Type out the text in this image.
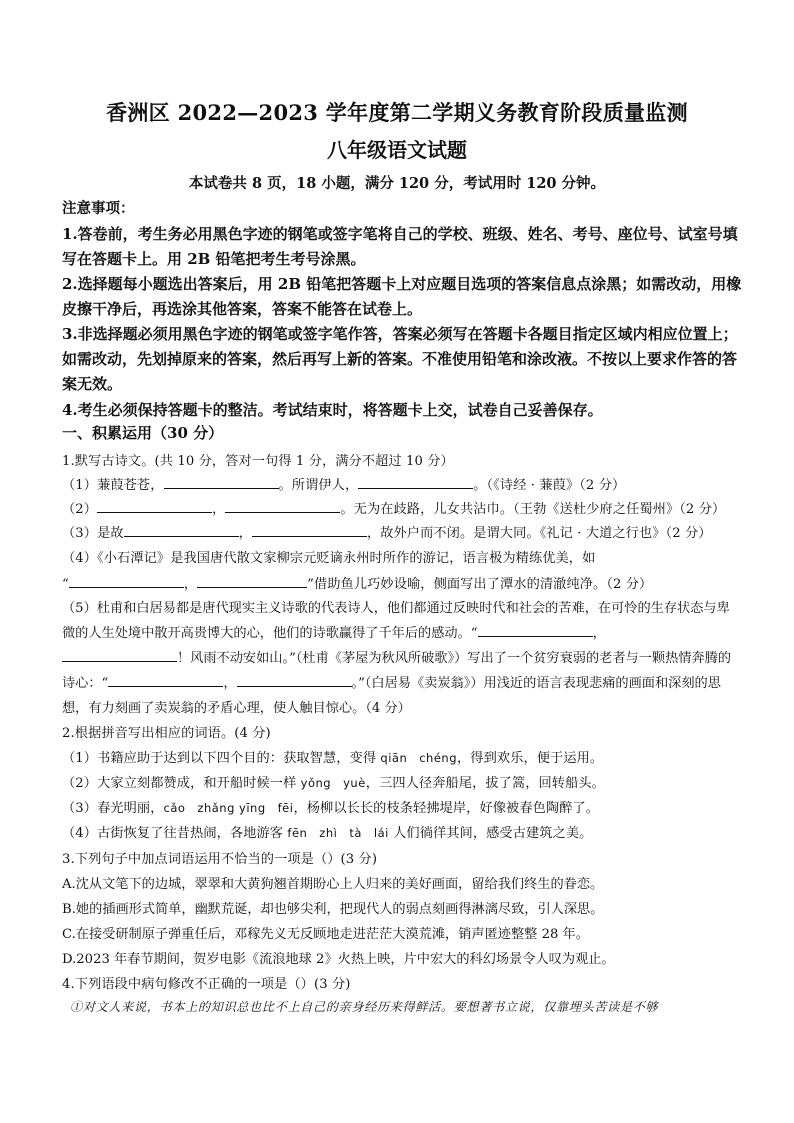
香洲区 2022—2023 学年度第二学期义务教育阶段质量监测
八年级语文试题
本试卷共 8 页，18 小题，满分 120 分，考试用时 120 分钟。
注意事项：
1.答卷前，考生务必用黑色字迹的钢笔或签字笔将自己的学校、班级、姓名、考号、座位号、试室号填写在答题卡上。用 2B 铅笔把考生考号涂黑。
2.选择题每小题选出答案后，用 2B 铅笔把答题卡上对应题目选项的答案信息点涂黑；如需改动，用橡皮擦干净后，再选涂其他答案，答案不能答在试卷上。
3.非选择题必须用黑色字迹的钢笔或签字笔作答，答案必须写在答题卡各题目指定区域内相应位置上；如需改动，先划掉原来的答案，然后再写上新的答案。不准使用铅笔和涂改液。不按以上要求作答的答案无效。
4.考生必须保持答题卡的整洁。考试结束时，将答题卡上交，试卷自己妥善保存。
一、积累运用（30 分）
1.默写古诗文。(共 10 分，答对一句得 1 分，满分不超过 10 分）
（1）蒹葭苍苍，	。所谓伊人，	。（《诗经 · 蒹葭》（2 分）
（2）	，	。无为在歧路，儿女共沾巾。（王勃《送杜少府之任蜀州》（2 分）
（3）是故	，	，故外户而不闭。是谓大同。《礼记 · 大道之行也》（2 分）
（4）《小石潭记》是我国唐代散文家柳宗元贬谪永州时所作的游记，语言极为精练优美，如
“	，	”借助鱼儿巧妙设喻，侧面写出了潭水的清澈纯净。（2 分）
（5）杜甫和白居易都是唐代现实主义诗歌的代表诗人，他们都通过反映时代和社会的苦难，在可怜的生存状态与卑微的人生处境中散开高贵博大的心，他们的诗歌赢得了千年后的感动。“	，
！风雨不动安如山。”（杜甫《茅屋为秋风所破歌》）写出了一个贫穷衰弱的老者与一颗热情奔腾的诗心：“	，	。”（白居易《卖炭翁》）用浅近的语言表现悲痛的画面和深刻的思想，有力刻画了卖炭翁的矛盾心理，使人触目惊心。（4 分）
2.根据拼音写出相应的词语。(4 分)
（1）书籍应助于达到以下四个目的：获取智慧，变得 qiān　chéng，得到欢乐，便于运用。
（2）大家立刻都赞成，和开船时候一样 yǒng　yuè，三四人径奔船尾，拔了篙，回转船头。
（3）春光明丽，cǎo　zhǎng yīng　fēi，杨柳以长长的枝条轻拂堤岸，好像被春色陶醉了。
（4）古街恢复了往昔热闹，各地游客 fēn　zhì　tà　lái 人们徜徉其间，感受古建筑之美。
3.下列句子中加点词语运用不恰当的一项是（）(3 分)
A.沈从文笔下的边城，翠翠和大黄狗翘首期盼心上人归来的美好画面，留给我们终生的眷恋。
B.她的插画形式简单，幽默荒诞，却也够尖利，把现代人的弱点刻画得淋漓尽致，引人深思。
C.在接受研制原子弹重任后，邓稼先义无反顾地走进茫茫大漠荒滩，销声匿迹整整 28 年。
D.2023 年春节期间，贺岁电影《流浪地球 2》火热上映，片中宏大的科幻场景令人叹为观止。
4.下列语段中病句修改不正确的一项是（）(3 分)
①对文人来说，书本上的知识总也比不上自己的亲身经历来得鲜活。要想著书立说，仅靠埋头苦读是不够
